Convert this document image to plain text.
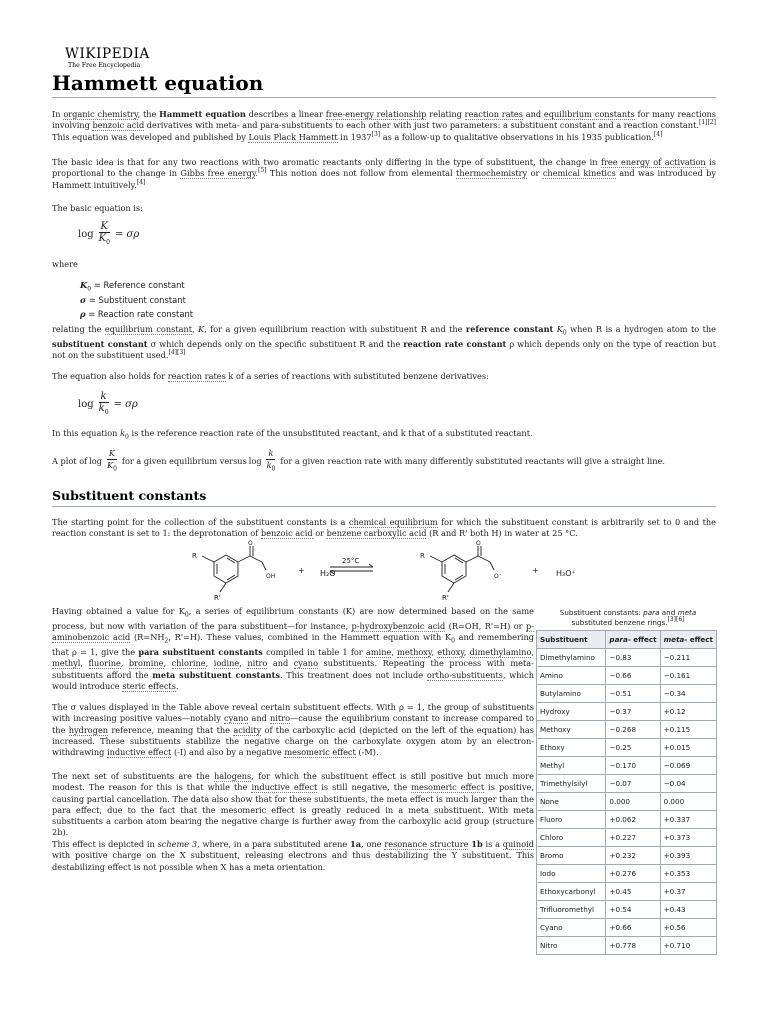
WIKIPEDIA
The Free Encyclopedia
Hammett equation

In organic chemistry, the Hammett equation describes a linear free-energy relationship relating reaction rates and equilibrium constants for many reactions involving benzoic acid derivatives with meta- and para-substituents to each other with just two parameters: a substituent constant and a reaction constant.[1][2] This equation was developed and published by Louis Plack Hammett in 1937[3] as a follow-up to qualitative observations in his 1935 publication.[4]

The basic idea is that for any two reactions with two aromatic reactants only differing in the type of substituent, the change in free energy of activation is proportional to the change in Gibbs free energy.[5] This notion does not follow from elemental thermochemistry or chemical kinetics and was introduced by Hammett intuitively.[4]

The basic equation is:

$\log \frac{K}{K_0} = \sigma\rho$

where

$K_0$ = Reference constant
σ = Substituent constant
ρ = Reaction rate constant

relating the equilibrium constant, K, for a given equilibrium reaction with substituent R and the reference constant $K_0$ when R is a hydrogen atom to the substituent constant σ which depends only on the specific substituent R and the reaction rate constant ρ which depends only on the type of reaction but not on the substituent used.[4][3]

The equation also holds for reaction rates k of a series of reactions with substituted benzene derivatives:

$\log \frac{k}{k_0} = \sigma\rho$

In this equation $k_0$ is the reference reaction rate of the unsubstituted reactant, and k that of a substituted reactant.

A plot of $\log \frac{K}{K_0}$ for a given equilibrium versus $\log \frac{k}{k_0}$ for a given reaction rate with many differently substituted reactants will give a straight line.
Substituent constants

The starting point for the collection of the substituent constants is a chemical equilibrium for which the substituent constant is arbitrarily set to 0 and the reaction constant is set to 1: the deprotonation of benzoic acid or benzene carboxylic acid (R and R' both H) in water at 25 °C.

R
R'
O
OH
+ H₂O
25°C
R
R'
O
O⁻
+ H₃O⁺

Having obtained a value for $K_0$, a series of equilibrium constants (K) are now determined based on the same process, but now with variation of the para substituent—for instance, p-hydroxybenzoic acid (R=OH, R'=H) or p-aminobenzoic acid ($R=NH_2$, R'=H). These values, combined in the Hammett equation with $K_0$ and remembering that ρ = 1, give the para substituent constants compiled in table 1 for amine, methoxy, ethoxy, dimethylamino, methyl, fluorine, bromine, chlorine, iodine, nitro and cyano substituents. Repeating the process with meta-substituents afford the meta substituent constants. This treatment does not include ortho-substituents, which would introduce steric effects.

The σ values displayed in the Table above reveal certain substituent effects. With ρ = 1, the group of substituents with increasing positive values—notably cyano and nitro—cause the equilibrium constant to increase compared to the hydrogen reference, meaning that the acidity of the carboxylic acid (depicted on the left of the equation) has increased. These substituents stabilize the negative charge on the carboxylate oxygen atom by an electron-withdrawing inductive effect (-I) and also by a negative mesomeric effect (-M).

The next set of substituents are the halogens, for which the substituent effect is still positive but much more modest. The reason for this is that while the inductive effect is still negative, the mesomeric effect is positive, causing partial cancellation. The data also show that for these substituents, the meta effect is much larger than the para effect, due to the fact that the mesomeric effect is greatly reduced in a meta substituent. With meta substituents a carbon atom bearing the negative charge is further away from the carboxylic acid group (structure 2b).

This effect is depicted in scheme 3, where, in a para substituted arene 1a, one resonance structure 1b is a quinoid with positive charge on the X substituent, releasing electrons and thus destabilizing the Y substituent. This destabilizing effect is not possible when X has a meta orientation.

Substituent constants: para and meta substituted benzene rings.[3][6]
Substituent	para- effect	meta- effect
Dimethylamino	−0.83	−0.211
Amino	−0.66	−0.161
Butylamino	−0.51	−0.34
Hydroxy	−0.37	+0.12
Methoxy	−0.268	+0.115
Ethoxy	−0.25	+0.015
Methyl	−0.170	−0.069
Trimethylsilyl	−0.07	−0.04
None	0.000	0.000
Fluoro	+0.062	+0.337
Chloro	+0.227	+0.373
Bromo	+0.232	+0.393
Iodo	+0.276	+0.353
Ethoxycarbonyl	+0.45	+0.37
Trifluoromethyl	+0.54	+0.43
Cyano	+0.66	+0.56
Nitro	+0.778	+0.710
